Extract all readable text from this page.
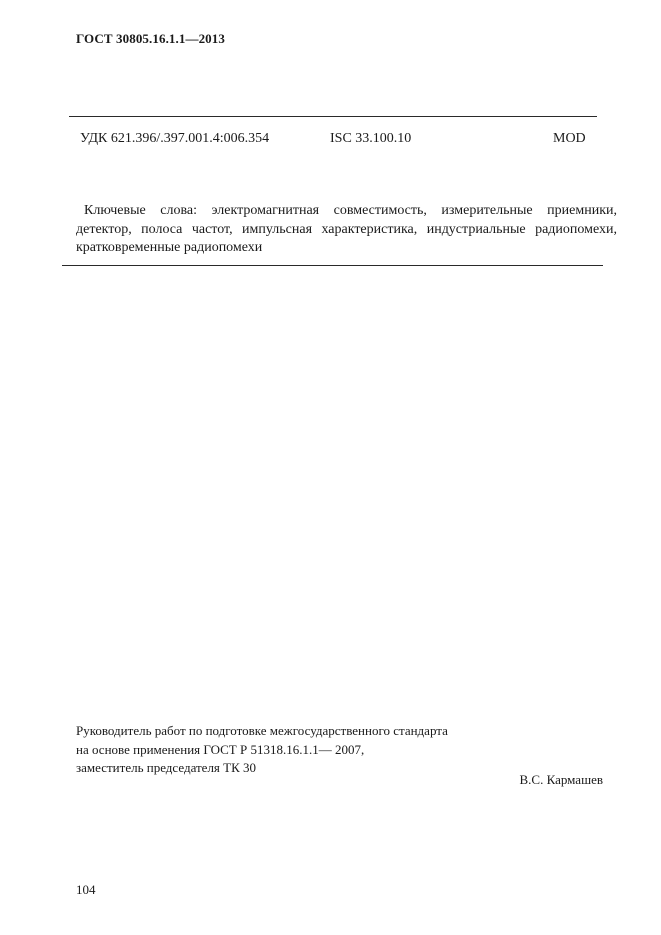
ГОСТ 30805.16.1.1—2013
УДК 621.396/.397.001.4:006.354	ISC 33.100.10	MOD
Ключевые слова: электромагнитная совместимость, измерительные приемники, детектор, полоса частот, импульсная характеристика, индустриальные радиопомехи, кратковременные радиопомехи
Руководитель работ по подготовке межгосударственного стандарта
на основе применения ГОСТ Р 51318.16.1.1— 2007,
заместитель председателя ТК 30
В.С. Кармашев
104
